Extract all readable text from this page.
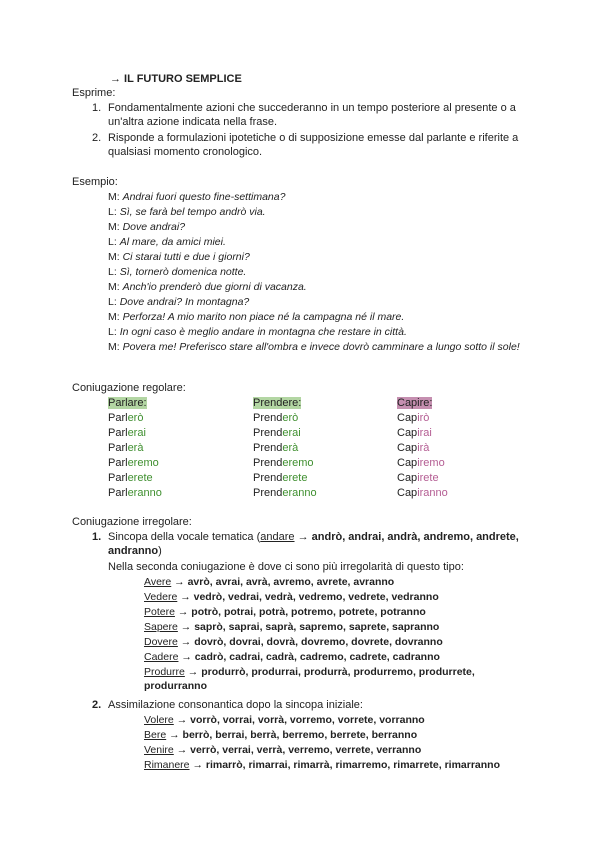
→ IL FUTURO SEMPLICE
Esprime:
1. Fondamentalmente azioni che succederanno in un tempo posteriore al presente o a un'altra azione indicata nella frase.
2. Risponde a formulazioni ipotetiche o di supposizione emesse dal parlante e riferite a qualsiasi momento cronologico.
Esempio:
M: Andrai fuori questo fine-settimana?
L: Sì, se farà bel tempo andrò via.
M: Dove andrai?
L: Al mare, da amici miei.
M: Ci starai tutti e due i giorni?
L: Sì, tornerò domenica notte.
M: Anch'io prenderò due giorni di vacanza.
L: Dove andrai? In montagna?
M: Perforza! A mio marito non piace né la campagna né il mare.
L: In ogni caso è meglio andare in montagna che restare in città.
M: Povera me! Preferisco stare all'ombra e invece dovrò camminare a lungo sotto il sole!
Coniugazione regolare:
Parlare:	Prendere:	Capire:
Parlerò
Parlerai
Parlerà
Parleremo
Parlerete
Parleranno
Prenderò
Prenderai
Prenderà
Prenderemo
Prenderete
Prenderanno
Capirò
Capirai
Capirà
Capiremo
Capirete
Capiranno
Coniugazione irregolare:
1. Sincopa della vocale tematica (andare → andrò, andrai, andrà, andremo, andrete, andranno)
Nella seconda coniugazione è dove ci sono più irregolarità di questo tipo:
Avere → avrò, avrai, avrà, avremo, avrete, avranno
Vedere → vedrò, vedrai, vedrà, vedremo, vedrete, vedranno
Potere → potrò, potrai, potrà, potremo, potrete, potranno
Sapere → saprò, saprai, saprà, sapremo, saprete, sapranno
Dovere → dovrò, dovrai, dovrà, dovremo, dovrete, dovranno
Cadere → cadrò, cadrai, cadrà, cadremo, cadrete, cadranno
Produrre → produrrò, produrrai, produrrà, produrremo, produrrete, produrranno
2. Assimilazione consonantica dopo la sincopa iniziale:
Volere → vorrò, vorrai, vorrà, vorremo, vorrete, vorranno
Bere → berrò, berrai, berrà, berremo, berrete, berranno
Venire → verrò, verrai, verrà, verremo, verrete, verranno
Rimanere → rimarrò, rimarrai, rimarrà, rimarremo, rimarrete, rimarranno
